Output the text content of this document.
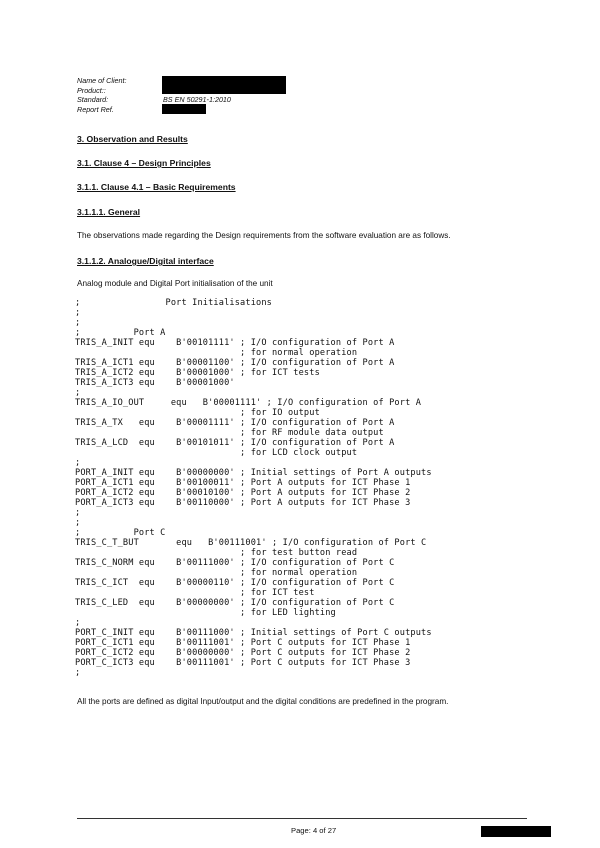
Name of Client:
Product::
Standard:	BS EN 50291-1:2010
Report Ref.
3. Observation and Results
3.1. Clause 4 – Design Principles
3.1.1. Clause 4.1 – Basic Requirements
3.1.1.1. General
The observations made regarding the Design requirements from the software evaluation are as follows.
3.1.1.2. Analogue/Digital interface
Analog module and Digital Port initialisation of the unit
;                Port Initialisations
;
;
;          Port A
TRIS_A_INIT equ    B'00101111' ; I/O configuration of Port A
; for normal operation
TRIS_A_ICT1 equ    B'00001100' ; I/O configuration of Port A
TRIS_A_ICT2 equ    B'00001000' ; for ICT tests
TRIS_A_ICT3 equ    B'00001000'
;
TRIS_A_IO_OUT     equ   B'00001111' ; I/O configuration of Port A
; for IO output
TRIS_A_TX   equ    B'00001111' ; I/O configuration of Port A
; for RF module data output
TRIS_A_LCD  equ    B'00101011' ; I/O configuration of Port A
; for LCD clock output
;
PORT_A_INIT equ    B'00000000' ; Initial settings of Port A outputs
PORT_A_ICT1 equ    B'00100011' ; Port A outputs for ICT Phase 1
PORT_A_ICT2 equ    B'00010100' ; Port A outputs for ICT Phase 2
PORT_A_ICT3 equ    B'00110000' ; Port A outputs for ICT Phase 3
;
;
;          Port C
TRIS_C_T_BUT       equ   B'00111001' ; I/O configuration of Port C
; for test button read
TRIS_C_NORM equ    B'00111000' ; I/O configuration of Port C
; for normal operation
TRIS_C_ICT  equ    B'00000110' ; I/O configuration of Port C
; for ICT test
TRIS_C_LED  equ    B'00000000' ; I/O configuration of Port C
; for LED lighting
;
PORT_C_INIT equ    B'00111000' ; Initial settings of Port C outputs
PORT_C_ICT1 equ    B'00111001' ; Port C outputs for ICT Phase 1
PORT_C_ICT2 equ    B'00000000' ; Port C outputs for ICT Phase 2
PORT_C_ICT3 equ    B'00111001' ; Port C outputs for ICT Phase 3
;
All the ports are defined as digital Input/output and the digital conditions are predefined in the program.
Page: 4 of 27
